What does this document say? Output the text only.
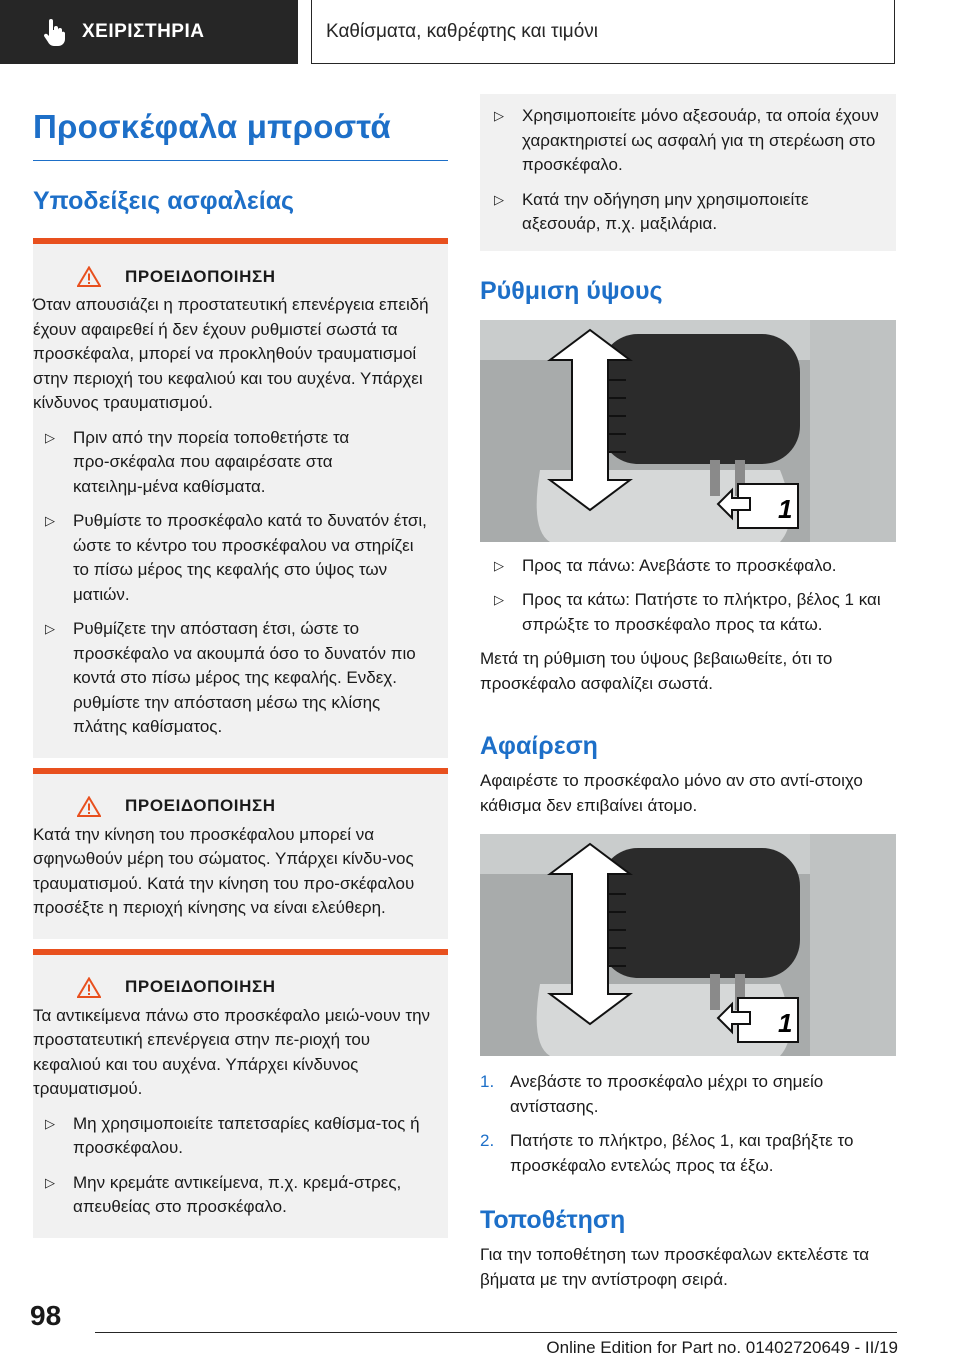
ΧΕΙΡΙΣΤΗΡΙΑ	Καθίσματα, καθρέφτης και τιμόνι
Προσκέφαλα μπροστά
Υποδείξεις ασφαλείας
ΠΡΟΕΙΔΟΠΟΙΗΣΗ

Όταν απουσιάζει η προστατευτική επενέργεια επειδή έχουν αφαιρεθεί ή δεν έχουν ρυθμιστεί σωστά τα προσκέφαλα, μπορεί να προκληθούν τραυματισμοί στην περιοχή του κεφαλιού και του αυχένα. Υπάρχει κίνδυνος τραυματισμού.

▷	Πριν από την πορεία τοποθετήστε τα προ‑σκέφαλα που αφαιρέσατε στα κατειλημ‑μένα καθίσματα.
▷	Ρυθμίστε το προσκέφαλο κατά το δυνατόν έτσι, ώστε το κέντρο του προσκέφαλου να στηρίζει το πίσω μέρος της κεφαλής στο ύψος των ματιών.
▷	Ρυθμίζετε την απόσταση έτσι, ώστε το προσκέφαλο να ακουμπά όσο το δυνατόν πιο κοντά στο πίσω μέρος της κεφαλής. Ενδεχ. ρυθμίστε την απόσταση μέσω της κλίσης πλάτης καθίσματος.
ΠΡΟΕΙΔΟΠΟΙΗΣΗ

Κατά την κίνηση του προσκέφαλου μπορεί να σφηνωθούν μέρη του σώματος. Υπάρχει κίνδυ‑νος τραυματισμού. Κατά την κίνηση του προ‑σκέφαλου προσέξτε η περιοχή κίνησης να είναι ελεύθερη.

ΠΡΟΕΙΔΟΠΟΙΗΣΗ

Τα αντικείμενα πάνω στο προσκέφαλο μειώ‑νουν την προστατευτική επενέργεια στην πε‑ριοχή του κεφαλιού και του αυχένα. Υπάρχει κίνδυνος τραυματισμού.

▷	Μη χρησιμοποιείτε ταπετσαρίες καθίσμα‑τος ή προσκέφαλου.
▷	Μην κρεμάτε αντικείμενα, π.χ. κρεμά‑στρες, απευθείας στο προσκέφαλο.
▷	Χρησιμοποιείτε μόνο αξεσουάρ, τα οποία έχουν χαρακτηριστεί ως ασφαλή για τη στερέωση στο προσκέφαλο.
▷	Κατά την οδήγηση μην χρησιμοποιείτε αξεσουάρ, π.χ. μαξιλάρια.
Ρύθμιση ύψους
1
▷	Προς τα πάνω: Ανεβάστε το προσκέφαλο.
▷	Προς τα κάτω: Πατήστε το πλήκτρο, βέλος 1 και σπρώξτε το προσκέφαλο προς τα κάτω.

Μετά τη ρύθμιση του ύψους βεβαιωθείτε, ότι το προσκέφαλο ασφαλίζει σωστά.

Αφαίρεση

Αφαιρέστε το προσκέφαλο μόνο αν στο αντί‑στοιχο κάθισμα δεν επιβαίνει άτομο.

1
1. Ανεβάστε το προσκέφαλο μέχρι το σημείο αντίστασης.
2. Πατήστε το πλήκτρο, βέλος 1, και τραβήξτε το προσκέφαλο εντελώς προς τα έξω.
Τοποθέτηση

Για την τοποθέτηση των προσκέφαλων εκτελέστε τα βήματα με την αντίστροφη σειρά.

98
Online Edition for Part no. 01402720649 - II/19
